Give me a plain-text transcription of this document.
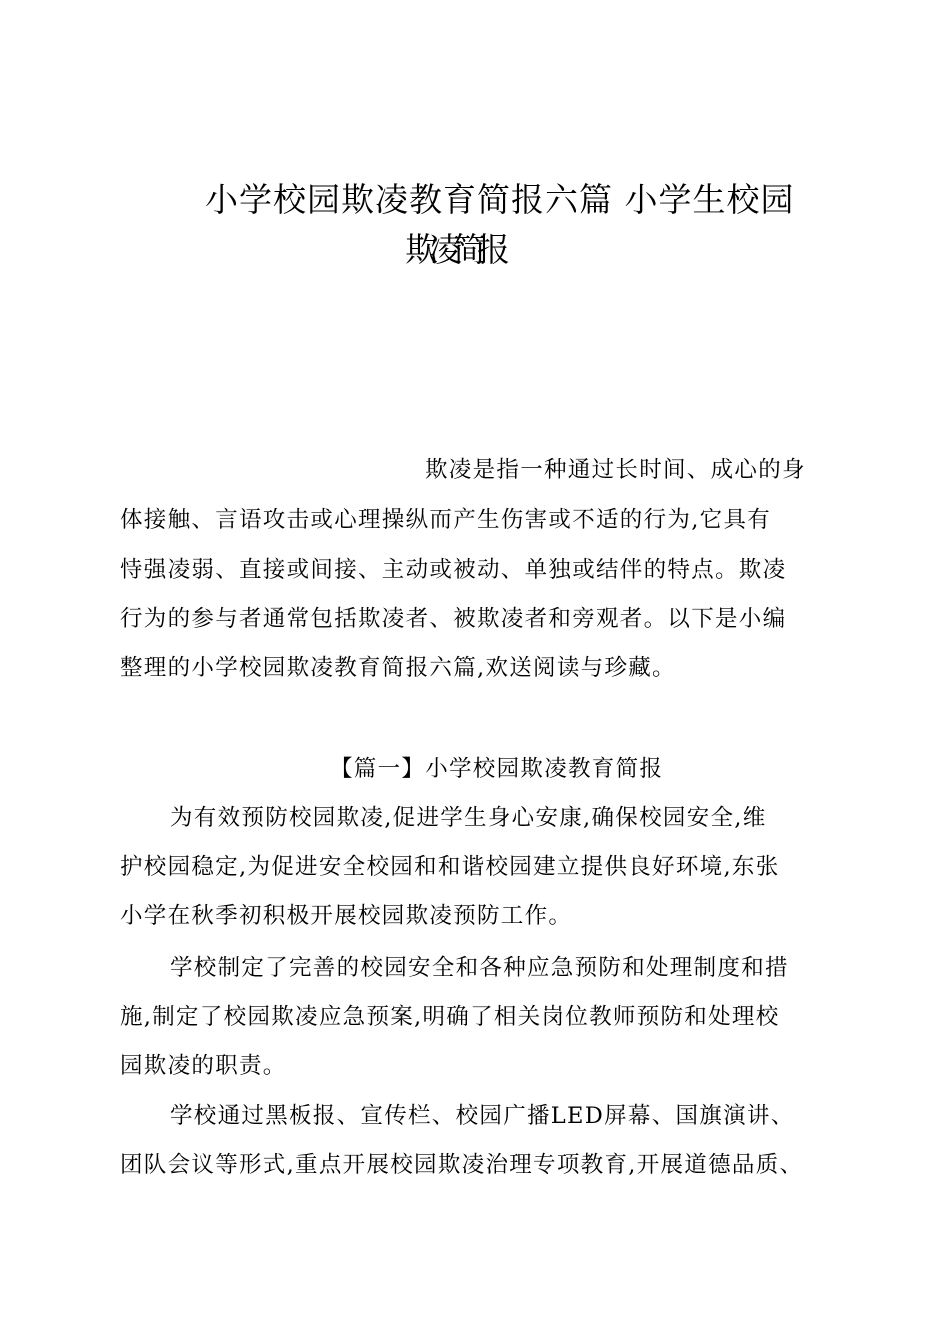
小学校园欺凌教育简报六篇 小学生校园
欺凌简报

欺凌是指一种通过长时间、成心的身

体接触、言语攻击或心理操纵而产生伤害或不适的行为,它具有

恃强凌弱、直接或间接、主动或被动、单独或结伴的特点。欺凌

行为的参与者通常包括欺凌者、被欺凌者和旁观者。以下是小编

整理的小学校园欺凌教育简报六篇,欢送阅读与珍藏。

【篇一】小学校园欺凌教育简报

为有效预防校园欺凌,促进学生身心安康,确保校园安全,维

护校园稳定,为促进安全校园和和谐校园建立提供良好环境,东张

小学在秋季初积极开展校园欺凌预防工作。

学校制定了完善的校园安全和各种应急预防和处理制度和措

施,制定了校园欺凌应急预案,明确了相关岗位教师预防和处理校

园欺凌的职责。

学校通过黑板报、宣传栏、校园广播LED屏幕、国旗演讲、

团队会议等形式,重点开展校园欺凌治理专项教育,开展道德品质、
